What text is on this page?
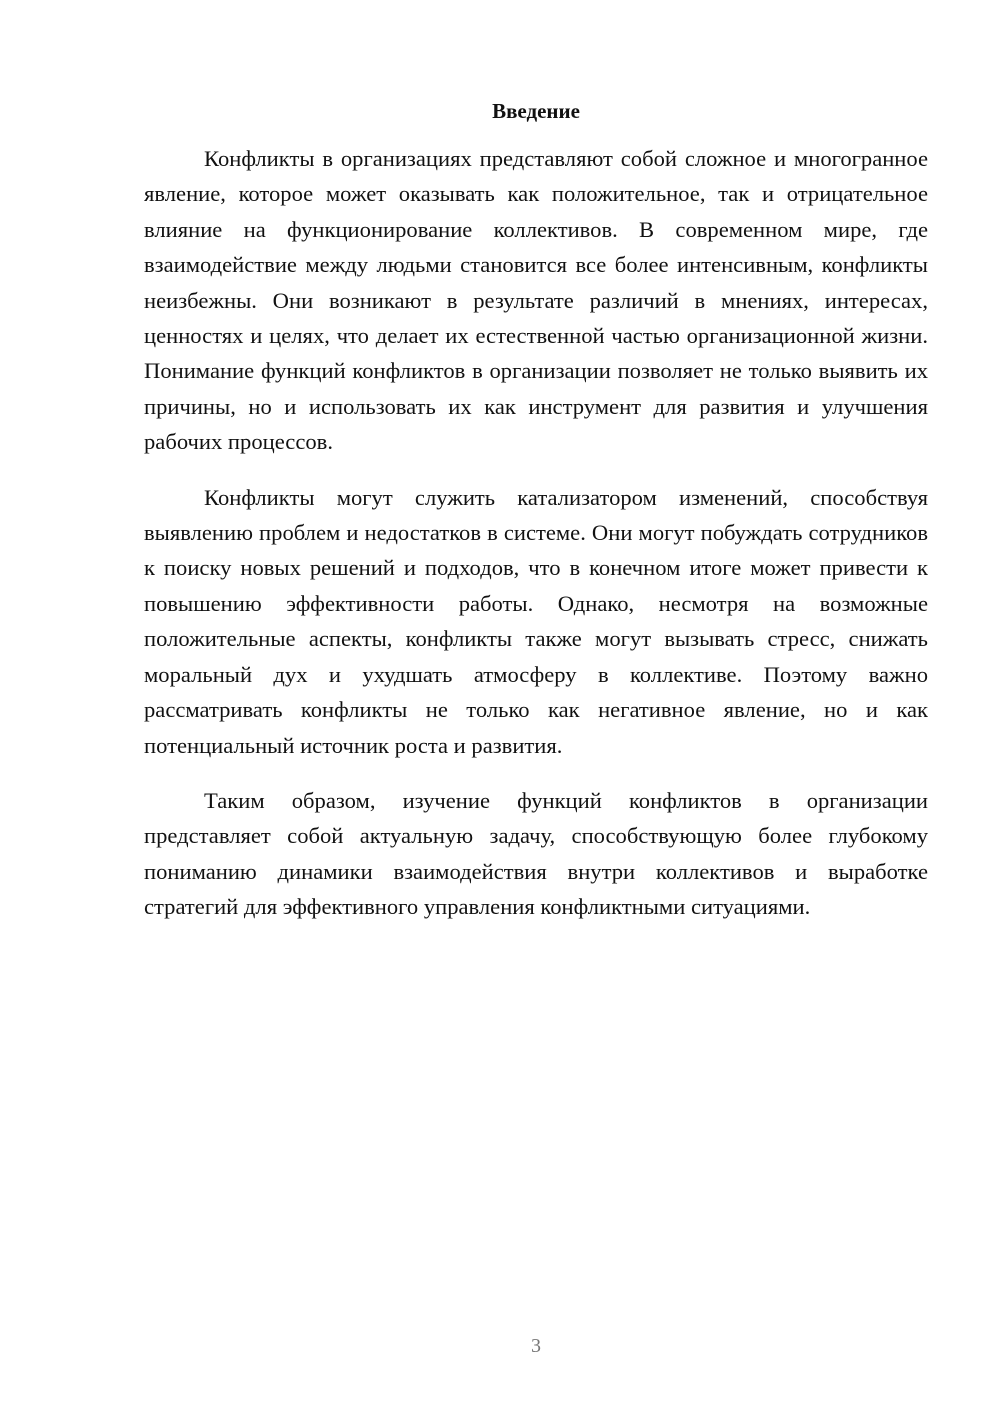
Введение

Конфликты в организациях представляют собой сложное и многогранное явление, которое может оказывать как положительное, так и отрицательное влияние на функционирование коллективов. В современном мире, где взаимодействие между людьми становится все более интенсивным, конфликты неизбежны. Они возникают в результате различий в мнениях, интересах, ценностях и целях, что делает их естественной частью организационной жизни. Понимание функций конфликтов в организации позволяет не только выявить их причины, но и использовать их как инструмент для развития и улучшения рабочих процессов.

Конфликты могут служить катализатором изменений, способствуя выявлению проблем и недостатков в системе. Они могут побуждать сотрудников к поиску новых решений и подходов, что в конечном итоге может привести к повышению эффективности работы. Однако, несмотря на возможные положительные аспекты, конфликты также могут вызывать стресс, снижать моральный дух и ухудшать атмосферу в коллективе. Поэтому важно рассматривать конфликты не только как негативное явление, но и как потенциальный источник роста и развития.

Таким образом, изучение функций конфликтов в организации представляет собой актуальную задачу, способствующую более глубокому пониманию динамики взаимодействия внутри коллективов и выработке стратегий для эффективного управления конфликтными ситуациями.

3
